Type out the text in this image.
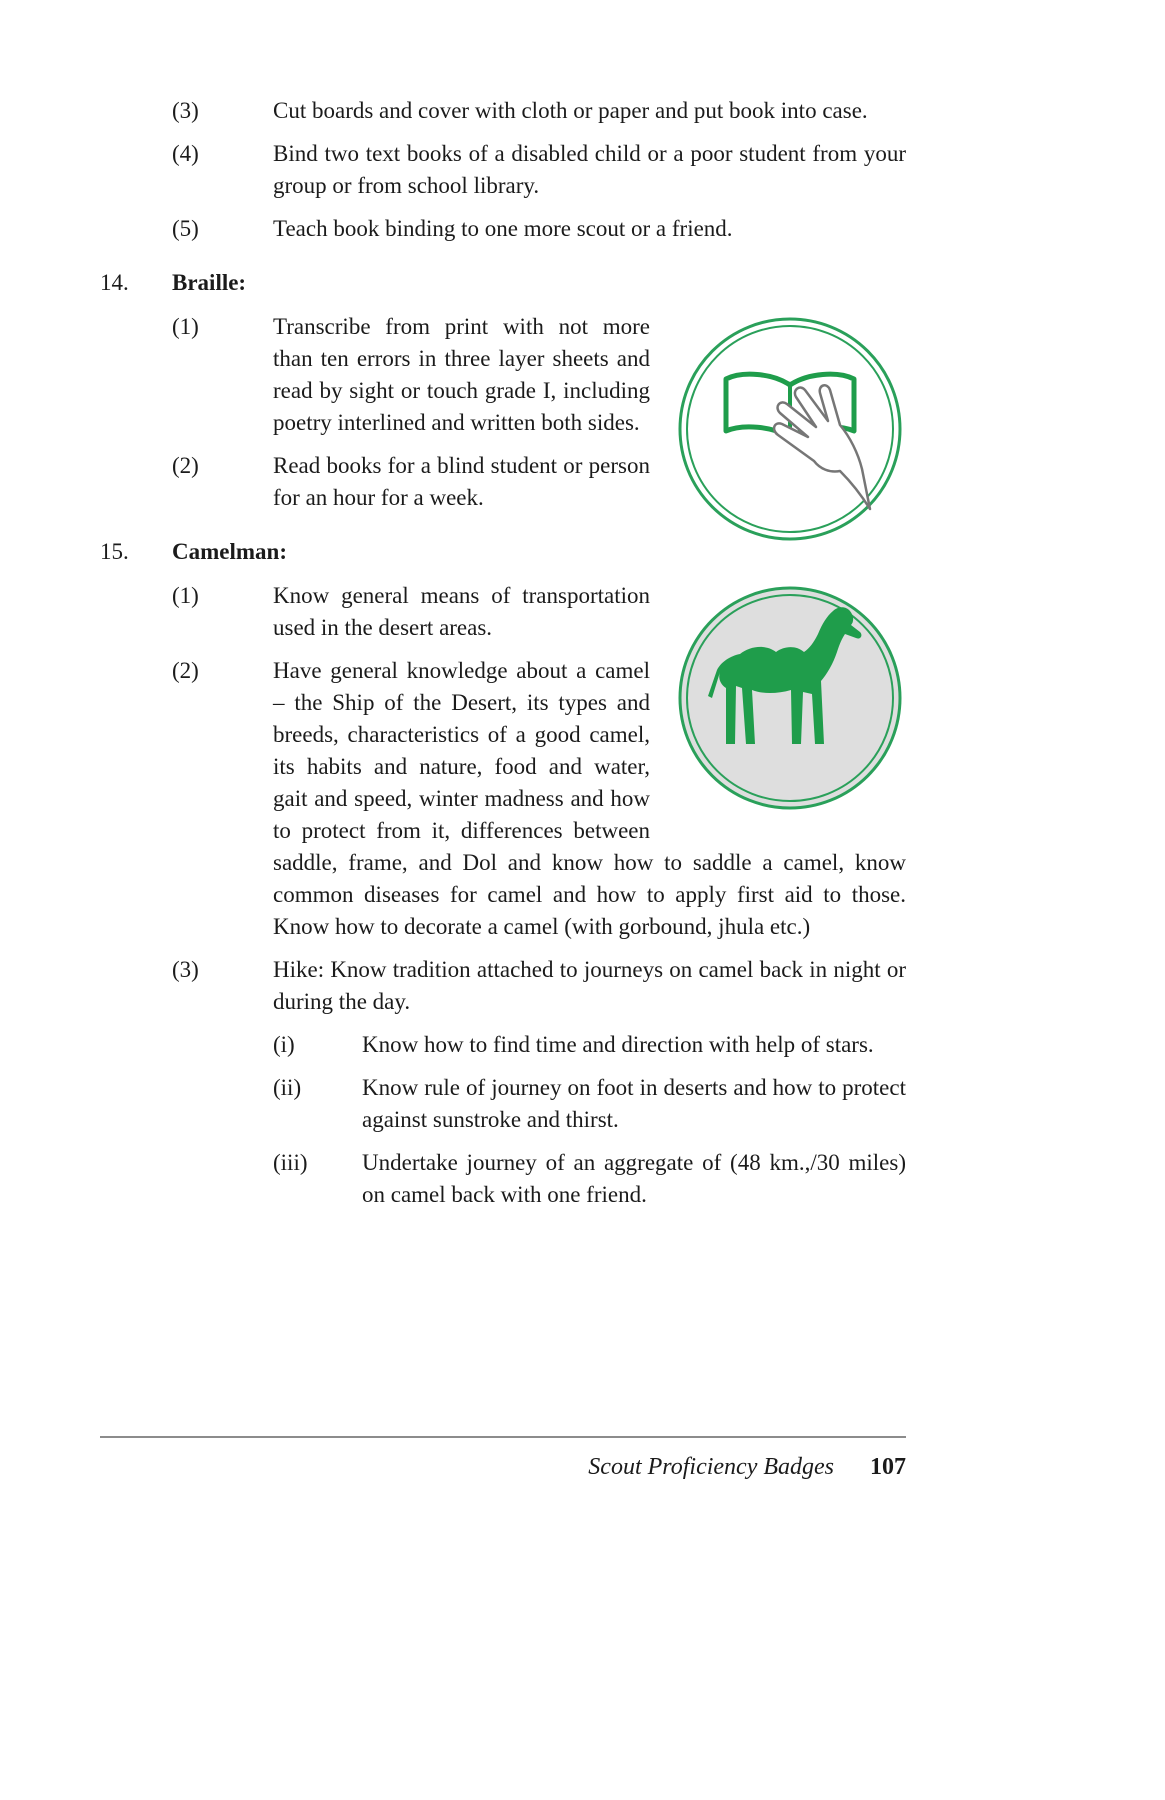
(3)	Cut boards and cover with cloth or paper and put book into case.
(4)	Bind two text books of a disabled child or a poor student from your group or from school library.
(5)	Teach book binding to one more scout or a friend.
14. Braille:
(1)	Transcribe from print with not more than ten errors in three layer sheets and read by sight or touch grade I, including poetry interlined and written both sides.
(2)	Read books for a blind student or person for an hour for a week.
15. Camelman:
(1)	Know general means of transportation used in the desert areas.
(2)	Have general knowledge about a camel – the Ship of the Desert, its types and breeds, characteristics of a good camel, its habits and nature, food and water, gait and speed, winter madness and how to protect from it, differences between saddle, frame, and Dol and know how to saddle a camel, know common diseases for camel and how to apply first aid to those. Know how to decorate a camel (with gorbound, jhula etc.)
(3)	Hike: Know tradition attached to journeys on camel back in night or during the day.
(i)	Know how to find time and direction with help of stars.
(ii)	Know rule of journey on foot in deserts and how to protect against sunstroke and thirst.
(iii) Undertake journey of an aggregate of (48 km.,/30 miles) on camel back with one friend.
Scout Proficiency Badges 107
